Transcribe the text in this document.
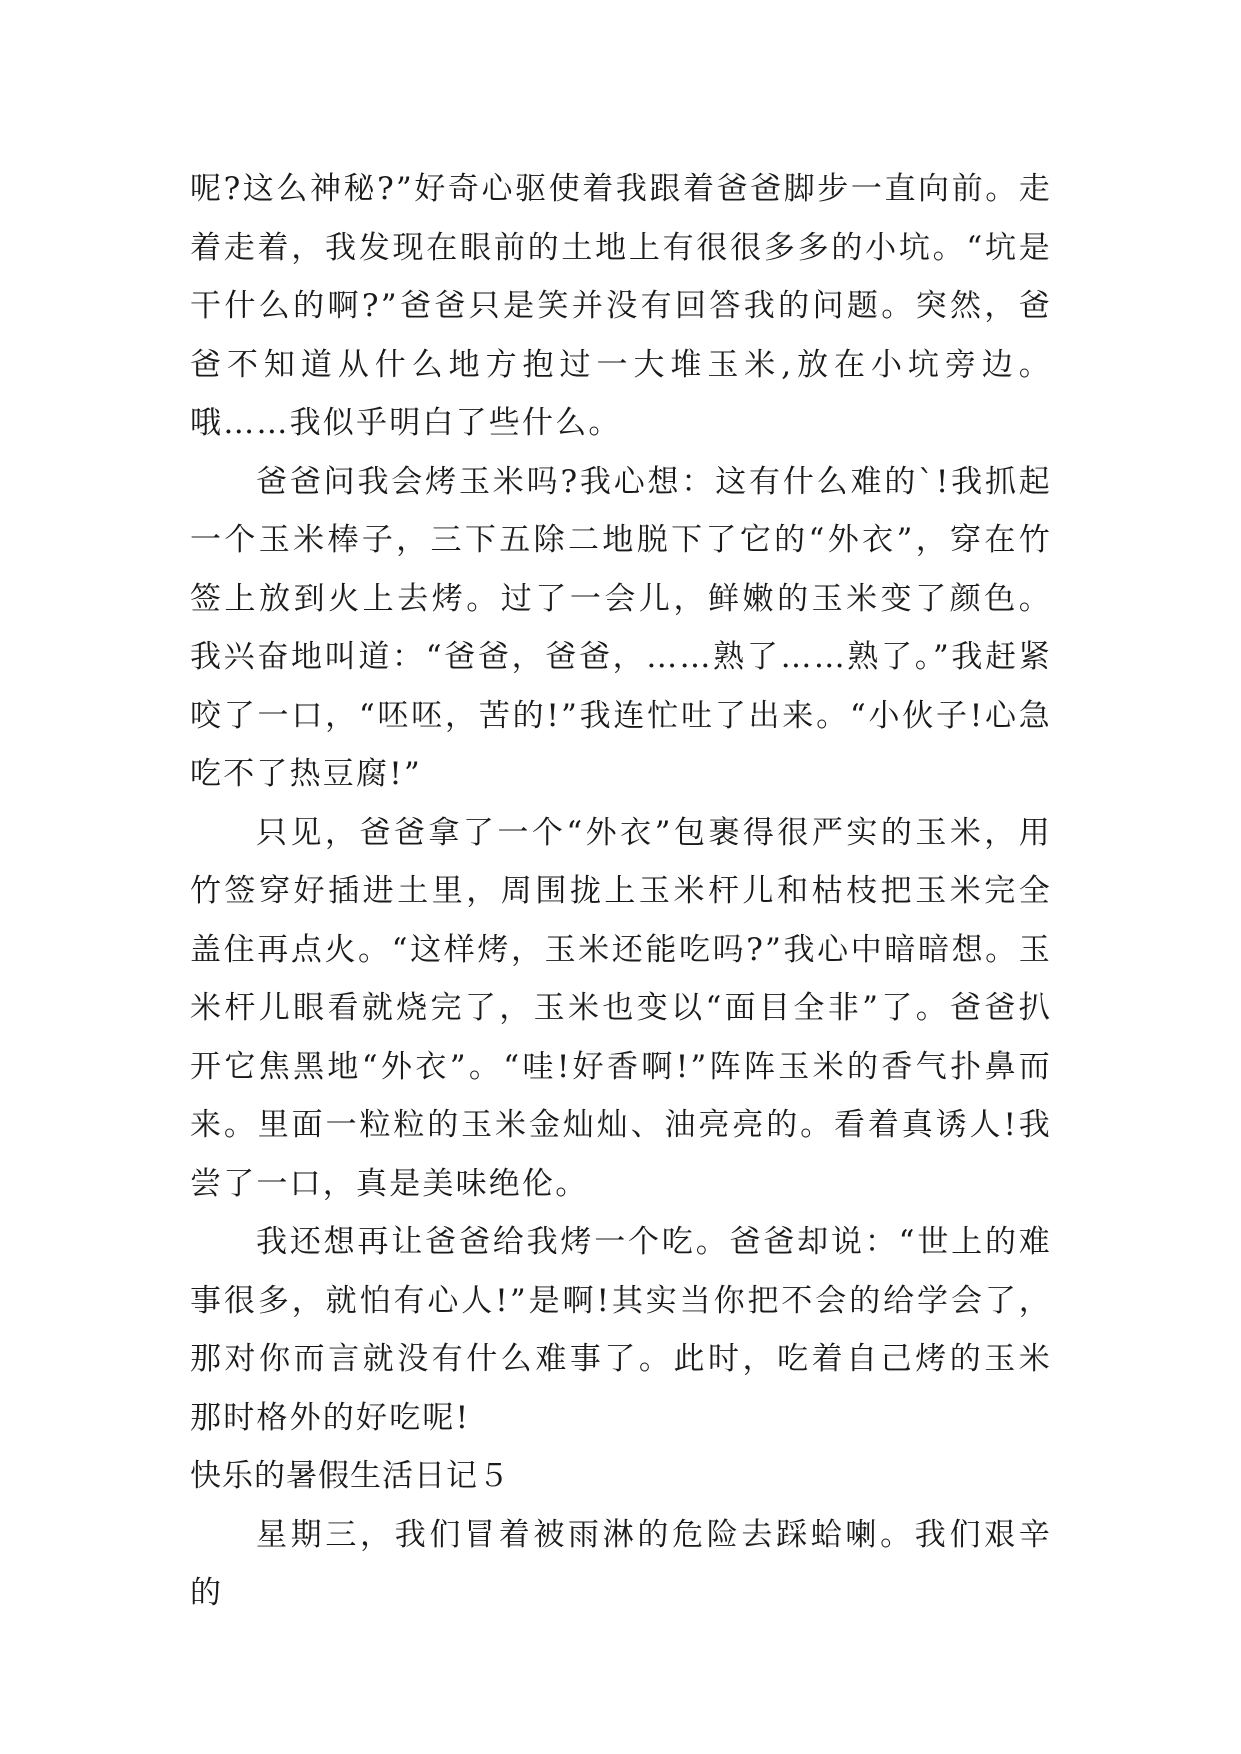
呢?这么神秘?”好奇心驱使着我跟着爸爸脚步一直向前。走着走着，我发现在眼前的土地上有很很多多的小坑。“坑是干什么的啊?”爸爸只是笑并没有回答我的问题。突然，爸爸不知道从什么地方抱过一大堆玉米,放在小坑旁边。哦……我似乎明白了些什么。

爸爸问我会烤玉米吗?我心想：这有什么难的`!我抓起一个玉米棒子，三下五除二地脱下了它的“外衣”，穿在竹签上放到火上去烤。过了一会儿，鲜嫩的玉米变了颜色。我兴奋地叫道：“爸爸，爸爸，……熟了……熟了。”我赶紧咬了一口，“呸呸，苦的!”我连忙吐了出来。“小伙子!心急吃不了热豆腐!”

只见，爸爸拿了一个“外衣”包裹得很严实的玉米，用竹签穿好插进土里，周围拢上玉米杆儿和枯枝把玉米完全盖住再点火。“这样烤，玉米还能吃吗?”我心中暗暗想。玉米杆儿眼看就烧完了，玉米也变以“面目全非”了。爸爸扒开它焦黑地“外衣”。“哇!好香啊!”阵阵玉米的香气扑鼻而来。里面一粒粒的玉米金灿灿、油亮亮的。看着真诱人!我尝了一口，真是美味绝伦。

我还想再让爸爸给我烤一个吃。爸爸却说：“世上的难事很多，就怕有心人!”是啊!其实当你把不会的给学会了，那对你而言就没有什么难事了。此时，吃着自己烤的玉米那时格外的好吃呢!

快乐的暑假生活日记５

星期三，我们冒着被雨淋的危险去踩蛤喇。我们艰辛的
